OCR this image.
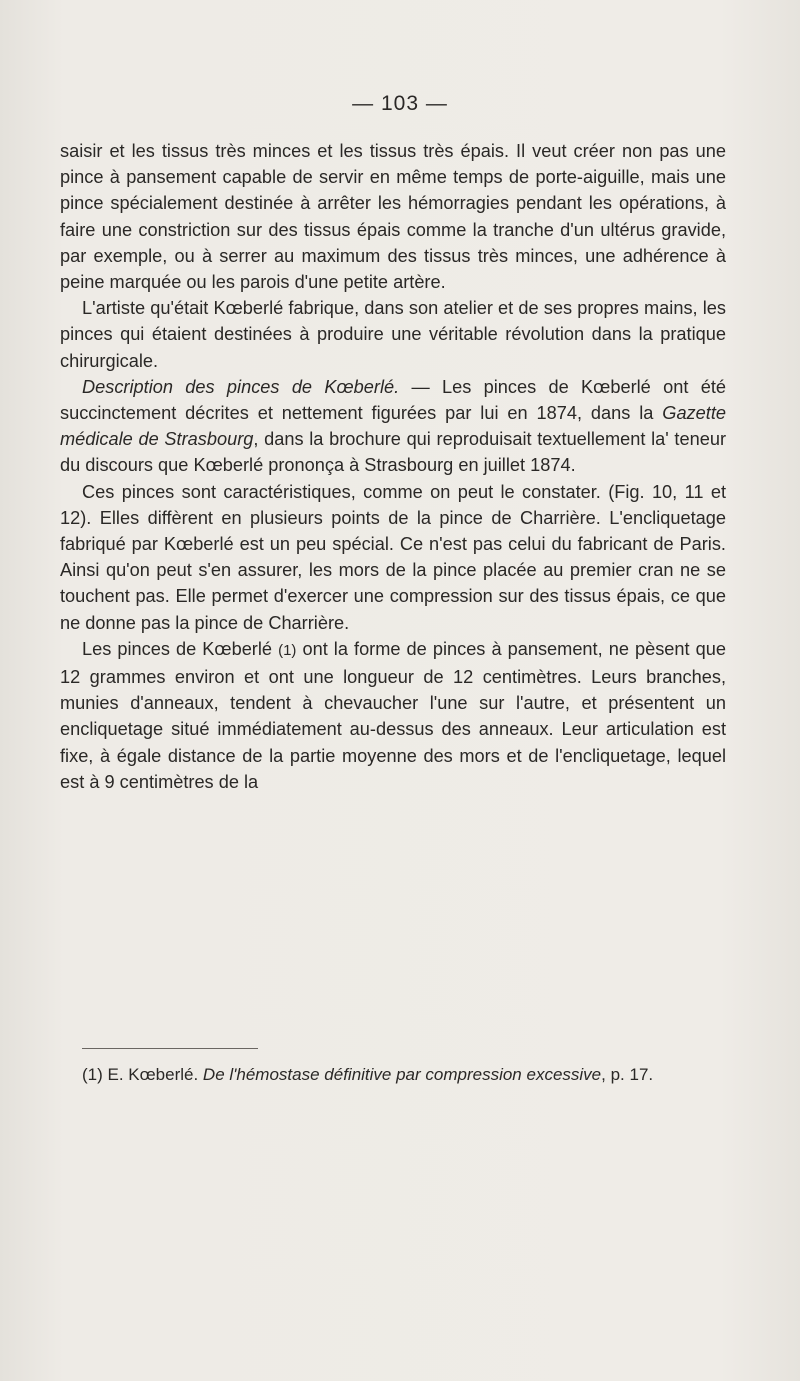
— 103 —

saisir et les tissus très minces et les tissus très épais. Il veut créer non pas une pince à pansement capable de servir en même temps de porte-aiguille, mais une pince spécialement destinée à arrêter les hémorragies pendant les opérations, à faire une constriction sur des tissus épais comme la tranche d'un ultérus gravide, par exemple, ou à serrer au maximum des tissus très minces, une adhérence à peine marquée ou les parois d'une petite artère.

L'artiste qu'était Kœberlé fabrique, dans son atelier et de ses propres mains, les pinces qui étaient destinées à produire une véritable révolution dans la pratique chirurgicale.

Description des pinces de Kœberlé. — Les pinces de Kœberlé ont été succinctement décrites et nettement figurées par lui en 1874, dans la Gazette médicale de Strasbourg, dans la brochure qui reproduisait textuellement la' teneur du discours que Kœberlé prononça à Strasbourg en juillet 1874.

Ces pinces sont caractéristiques, comme on peut le constater. (Fig. 10, 11 et 12). Elles diffèrent en plusieurs points de la pince de Charrière. L'encliquetage fabriqué par Kœberlé est un peu spécial. Ce n'est pas celui du fabricant de Paris. Ainsi qu'on peut s'en assurer, les mors de la pince placée au premier cran ne se touchent pas. Elle permet d'exercer une compression sur des tissus épais, ce que ne donne pas la pince de Charrière.

Les pinces de Kœberlé (1) ont la forme de pinces à pansement, ne pèsent que 12 grammes environ et ont une longueur de 12 centimètres. Leurs branches, munies d'anneaux, tendent à chevaucher l'une sur l'autre, et présentent un encliquetage situé immédiatement au-dessus des anneaux. Leur articulation est fixe, à égale distance de la partie moyenne des mors et de l'encliquetage, lequel est à 9 centimètres de la

(1) E. Kœberlé. De l'hémostase définitive par compression excessive, p. 17.
